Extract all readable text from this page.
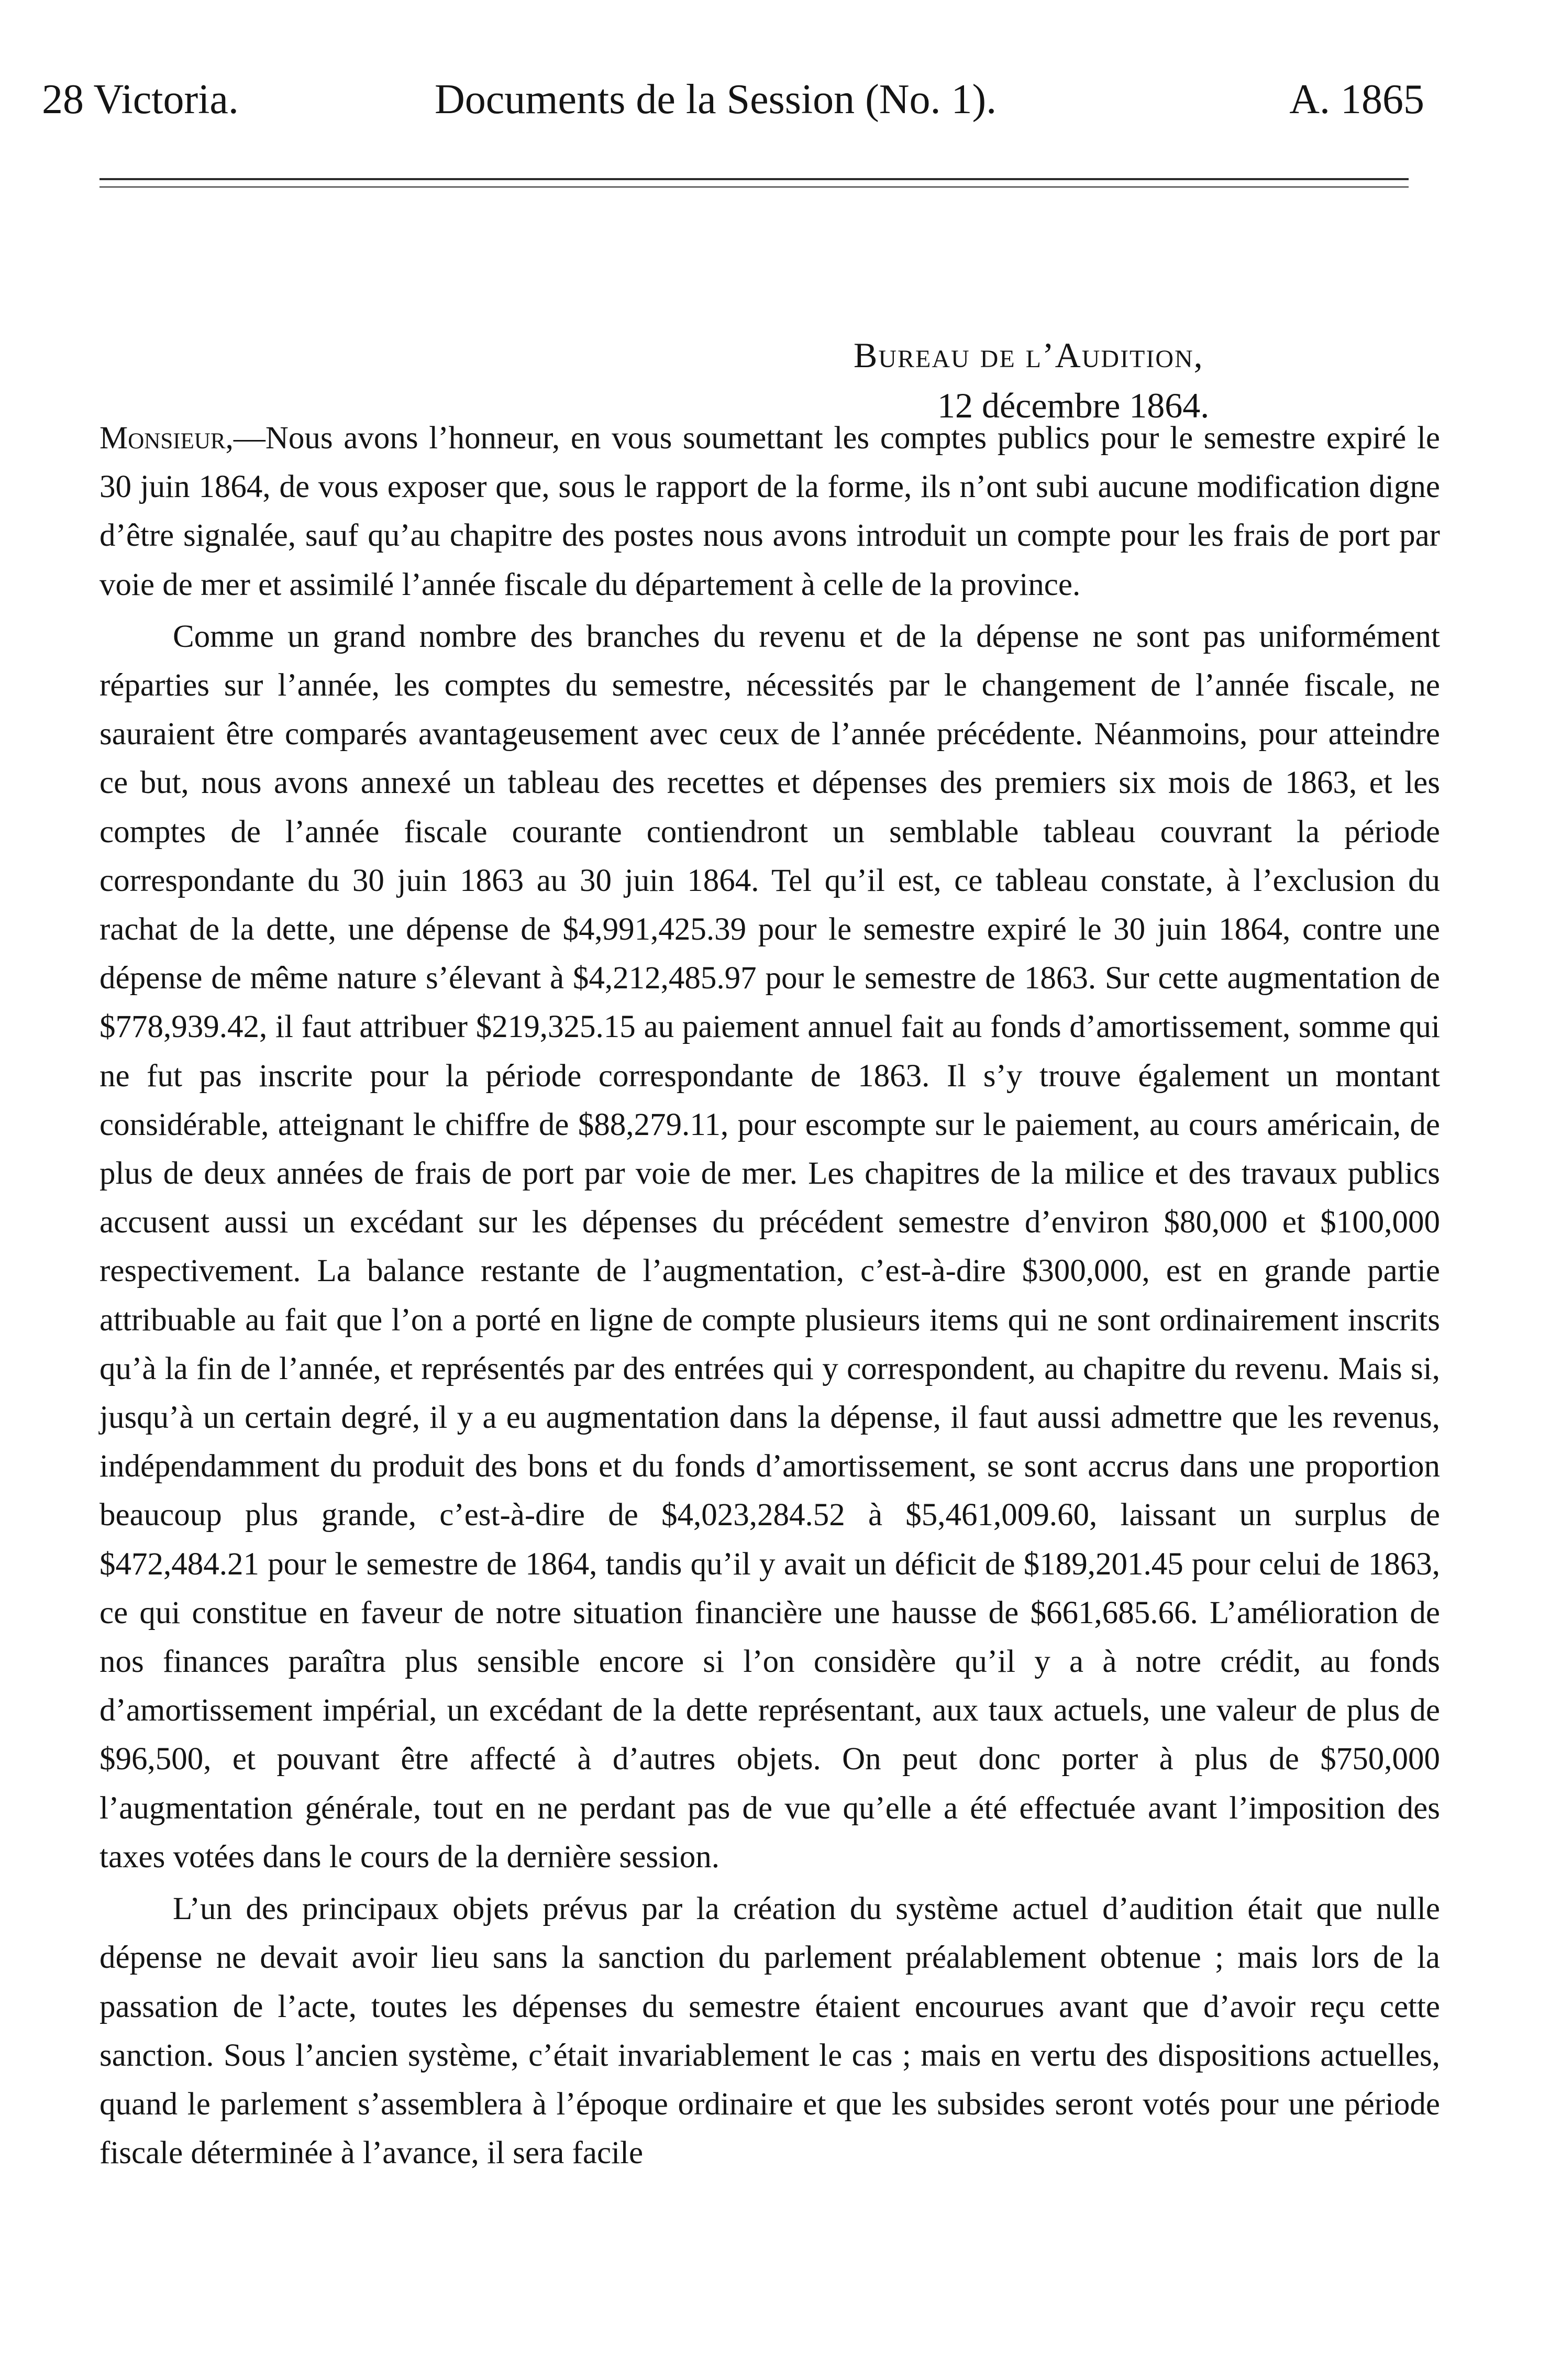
28 Victoria.	Documents de la Session (No. 1).	A. 1865
Bureau de l’Audition,
12 décembre 1864.

Monsieur,—Nous avons l’honneur, en vous soumettant les comptes publics pour le semestre expiré le 30 juin 1864, de vous exposer que, sous le rapport de la forme, ils n’ont subi aucune modification digne d’être signalée, sauf qu’au chapitre des postes nous avons introduit un compte pour les frais de port par voie de mer et assimilé l’année fiscale du département à celle de la province.

Comme un grand nombre des branches du revenu et de la dépense ne sont pas uniformément réparties sur l’année, les comptes du semestre, nécessités par le changement de l’année fiscale, ne sauraient être comparés avantageusement avec ceux de l’année précédente. Néanmoins, pour atteindre ce but, nous avons annexé un tableau des recettes et dépenses des premiers six mois de 1863, et les comptes de l’année fiscale courante contiendront un semblable tableau couvrant la période correspondante du 30 juin 1863 au 30 juin 1864. Tel qu’il est, ce tableau constate, à l’exclusion du rachat de la dette, une dépense de $4,991,425.39 pour le semestre expiré le 30 juin 1864, contre une dépense de même nature s’élevant à $4,212,485.97 pour le semestre de 1863. Sur cette augmentation de $778,939.42, il faut attribuer $219,325.15 au paiement annuel fait au fonds d’amortissement, somme qui ne fut pas inscrite pour la période correspondante de 1863. Il s’y trouve également un montant considérable, atteignant le chiffre de $88,279.11, pour escompte sur le paiement, au cours américain, de plus de deux années de frais de port par voie de mer. Les chapitres de la milice et des travaux publics accusent aussi un excédant sur les dépenses du précédent semestre d’environ $80,000 et $100,000 respectivement. La balance restante de l’augmentation, c’est-à-dire $300,000, est en grande partie attribuable au fait que l’on a porté en ligne de compte plusieurs items qui ne sont ordinairement inscrits qu’à la fin de l’année, et représentés par des entrées qui y correspondent, au chapitre du revenu. Mais si, jusqu’à un certain degré, il y a eu augmentation dans la dépense, il faut aussi admettre que les revenus, indépendamment du produit des bons et du fonds d’amortissement, se sont accrus dans une proportion beaucoup plus grande, c’est-à-dire de $4,023,284.52 à $5,461,009.60, laissant un surplus de $472,484.21 pour le semestre de 1864, tandis qu’il y avait un déficit de $189,201.45 pour celui de 1863, ce qui constitue en faveur de notre situation financière une hausse de $661,685.66. L’amélioration de nos finances paraîtra plus sensible encore si l’on considère qu’il y a à notre crédit, au fonds d’amortissement impérial, un excédant de la dette représentant, aux taux actuels, une valeur de plus de $96,500, et pouvant être affecté à d’autres objets. On peut donc porter à plus de $750,000 l’augmentation générale, tout en ne perdant pas de vue qu’elle a été effectuée avant l’imposition des taxes votées dans le cours de la dernière session.

L’un des principaux objets prévus par la création du système actuel d’audition était que nulle dépense ne devait avoir lieu sans la sanction du parlement préalablement obtenue ; mais lors de la passation de l’acte, toutes les dépenses du semestre étaient encourues avant que d’avoir reçu cette sanction. Sous l’ancien système, c’était invariablement le cas ; mais en vertu des dispositions actuelles, quand le parlement s’assemblera à l’époque ordinaire et que les subsides seront votés pour une période fiscale déterminée à l’avance, il sera facile
